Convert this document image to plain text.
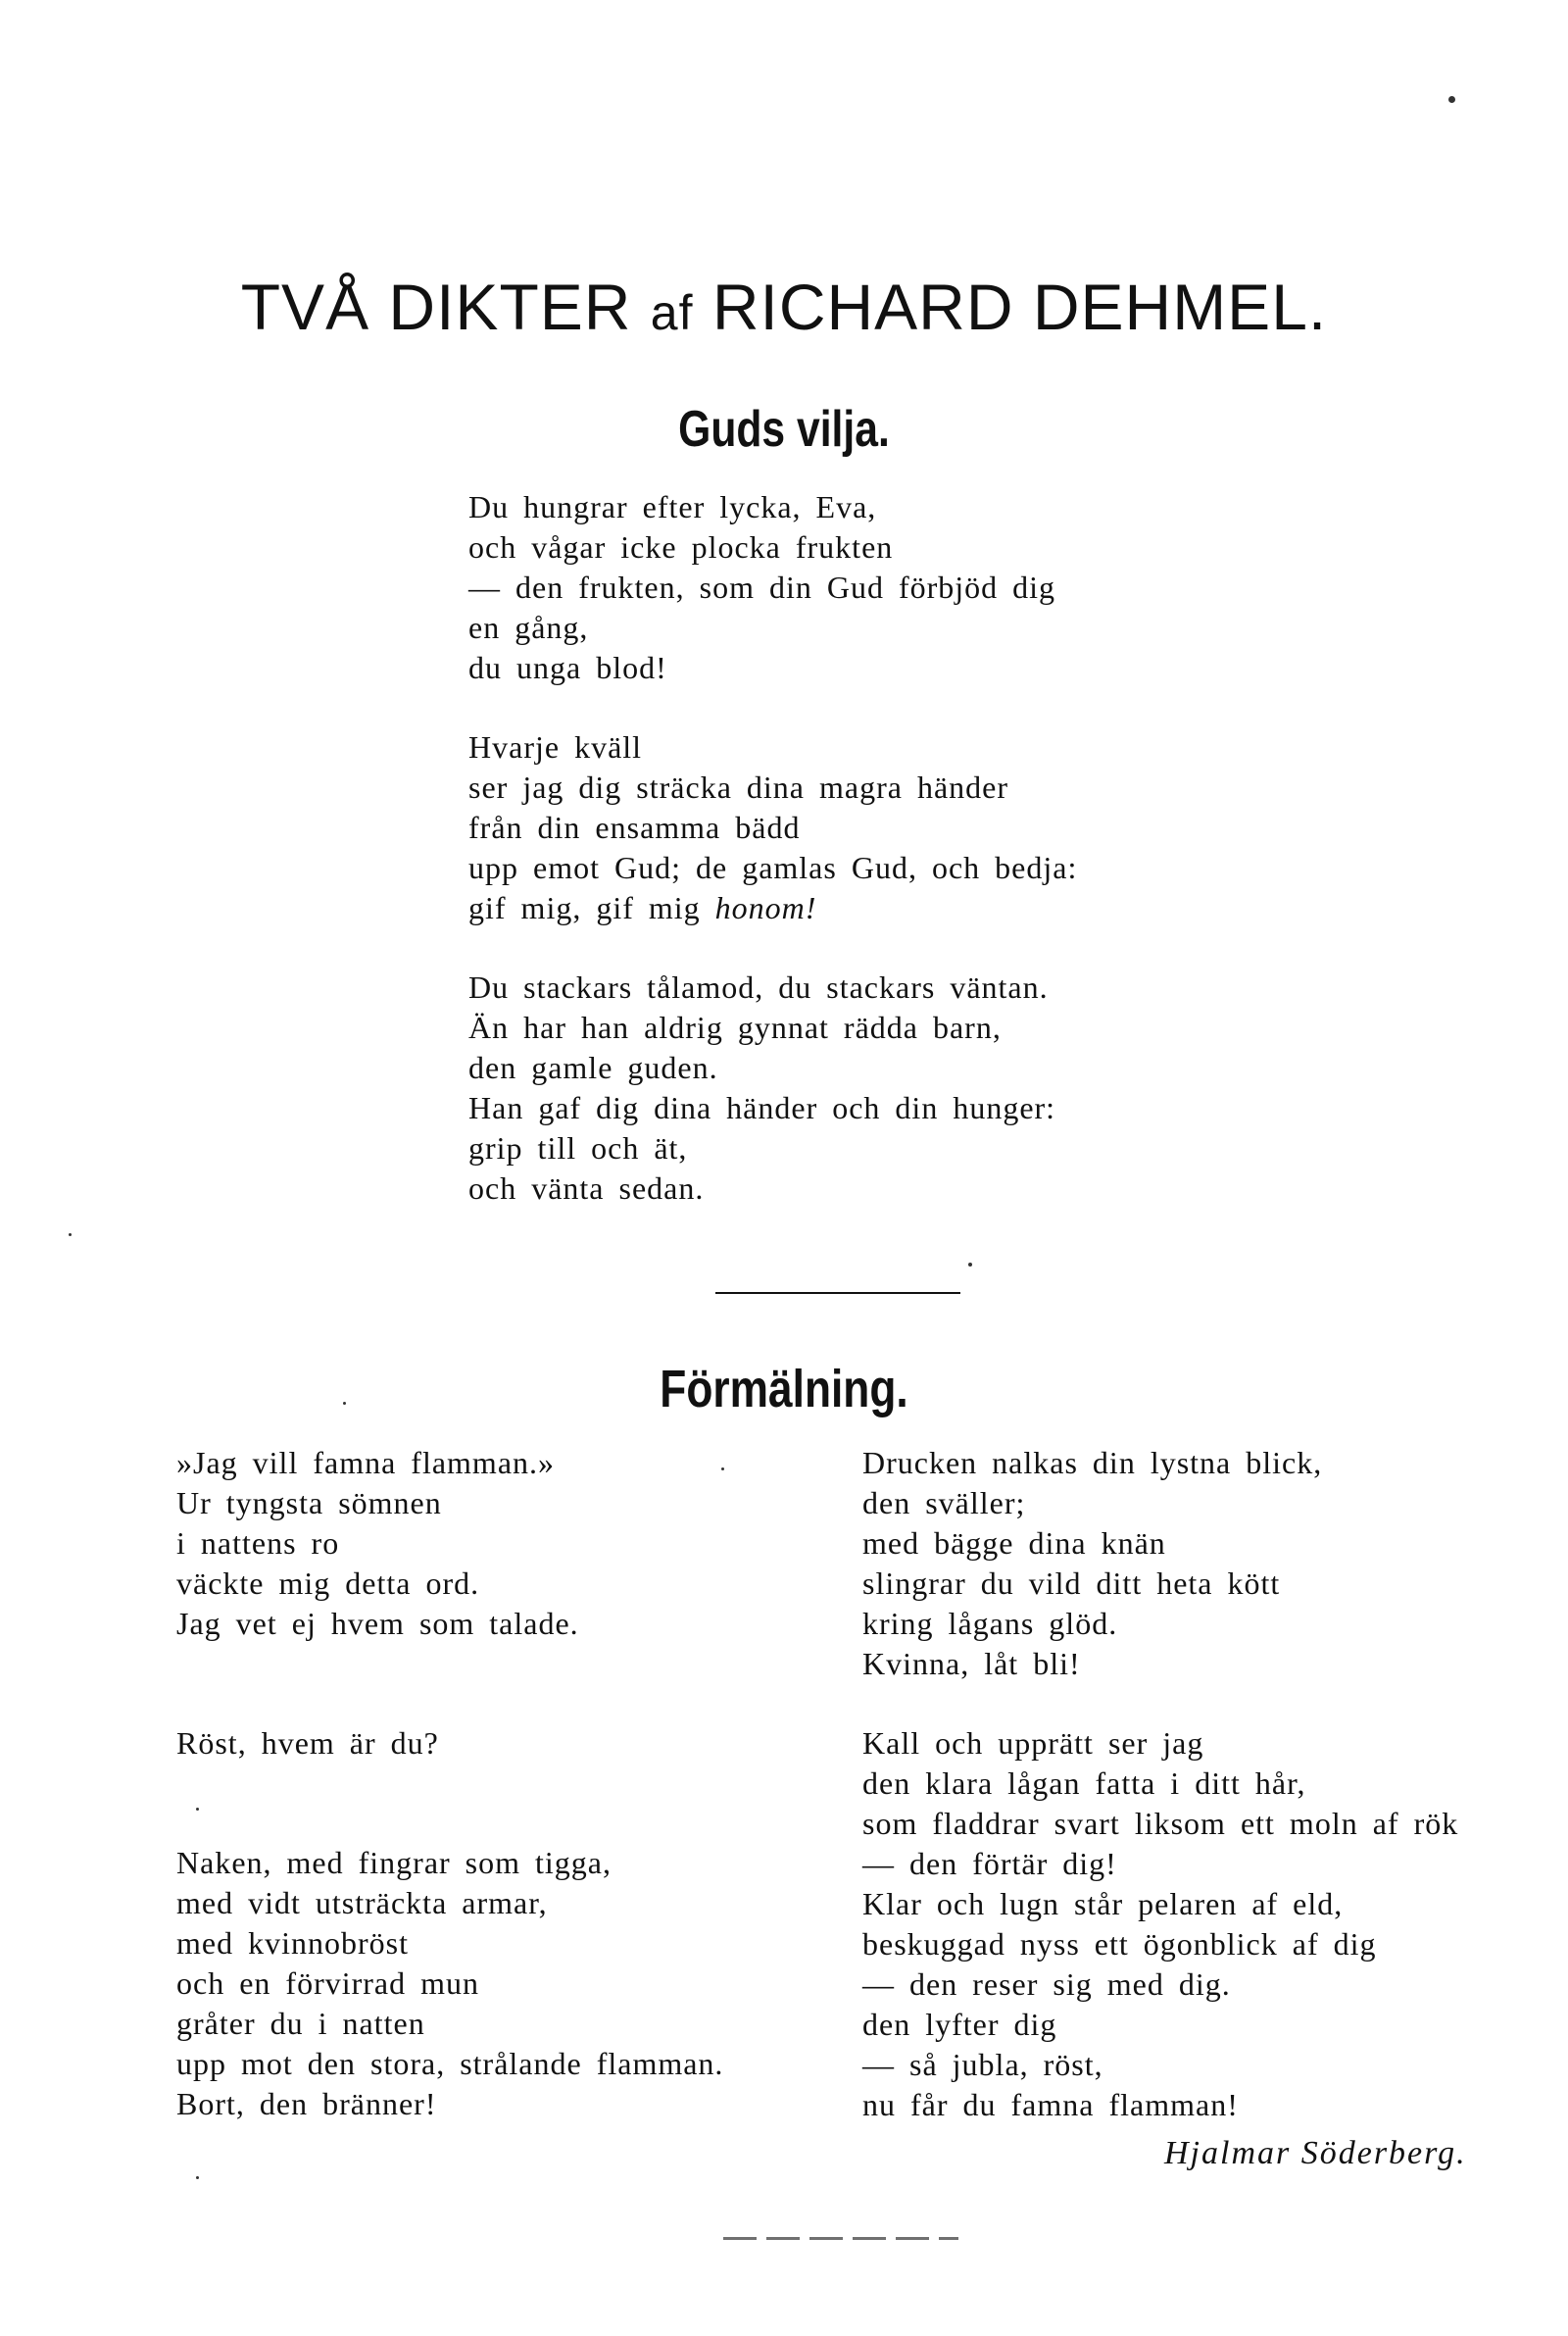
TVÅ DIKTER af RICHARD DEHMEL.
Guds vilja.
Du hungrar efter lycka, Eva,
och vågar icke plocka frukten
— den frukten, som din Gud förbjöd dig
en gång,
du unga blod!
Hvarje kväll
ser jag dig sträcka dina magra händer
från din ensamma bädd
upp emot Gud; de gamlas Gud, och bedja:
gif mig, gif mig honom!
Du stackars tålamod, du stackars väntan.
Än har han aldrig gynnat rädda barn,
den gamle guden.
Han gaf dig dina händer och din hunger:
grip till och ät,
och vänta sedan.
Förmälning.
»Jag vill famna flamman.»
Ur tyngsta sömnen
i nattens ro
väckte mig detta ord.
Jag vet ej hvem som talade.
Röst, hvem är du?
Naken, med fingrar som tigga,
med vidt utsträckta armar,
med kvinnobröst
och en förvirrad mun
gråter du i natten
upp mot den stora, strålande flamman.
Bort, den bränner!
Drucken nalkas din lystna blick,
den sväller;
med bägge dina knän
slingrar du vild ditt heta kött
kring lågans glöd.
Kvinna, låt bli!
Kall och upprätt ser jag
den klara lågan fatta i ditt hår,
som fladdrar svart liksom ett moln af rök
— den förtär dig!
Klar och lugn står pelaren af eld,
beskuggad nyss ett ögonblick af dig
— den reser sig med dig.
den lyfter dig
— så jubla, röst,
nu får du famna flamman!
Hjalmar Söderberg.
